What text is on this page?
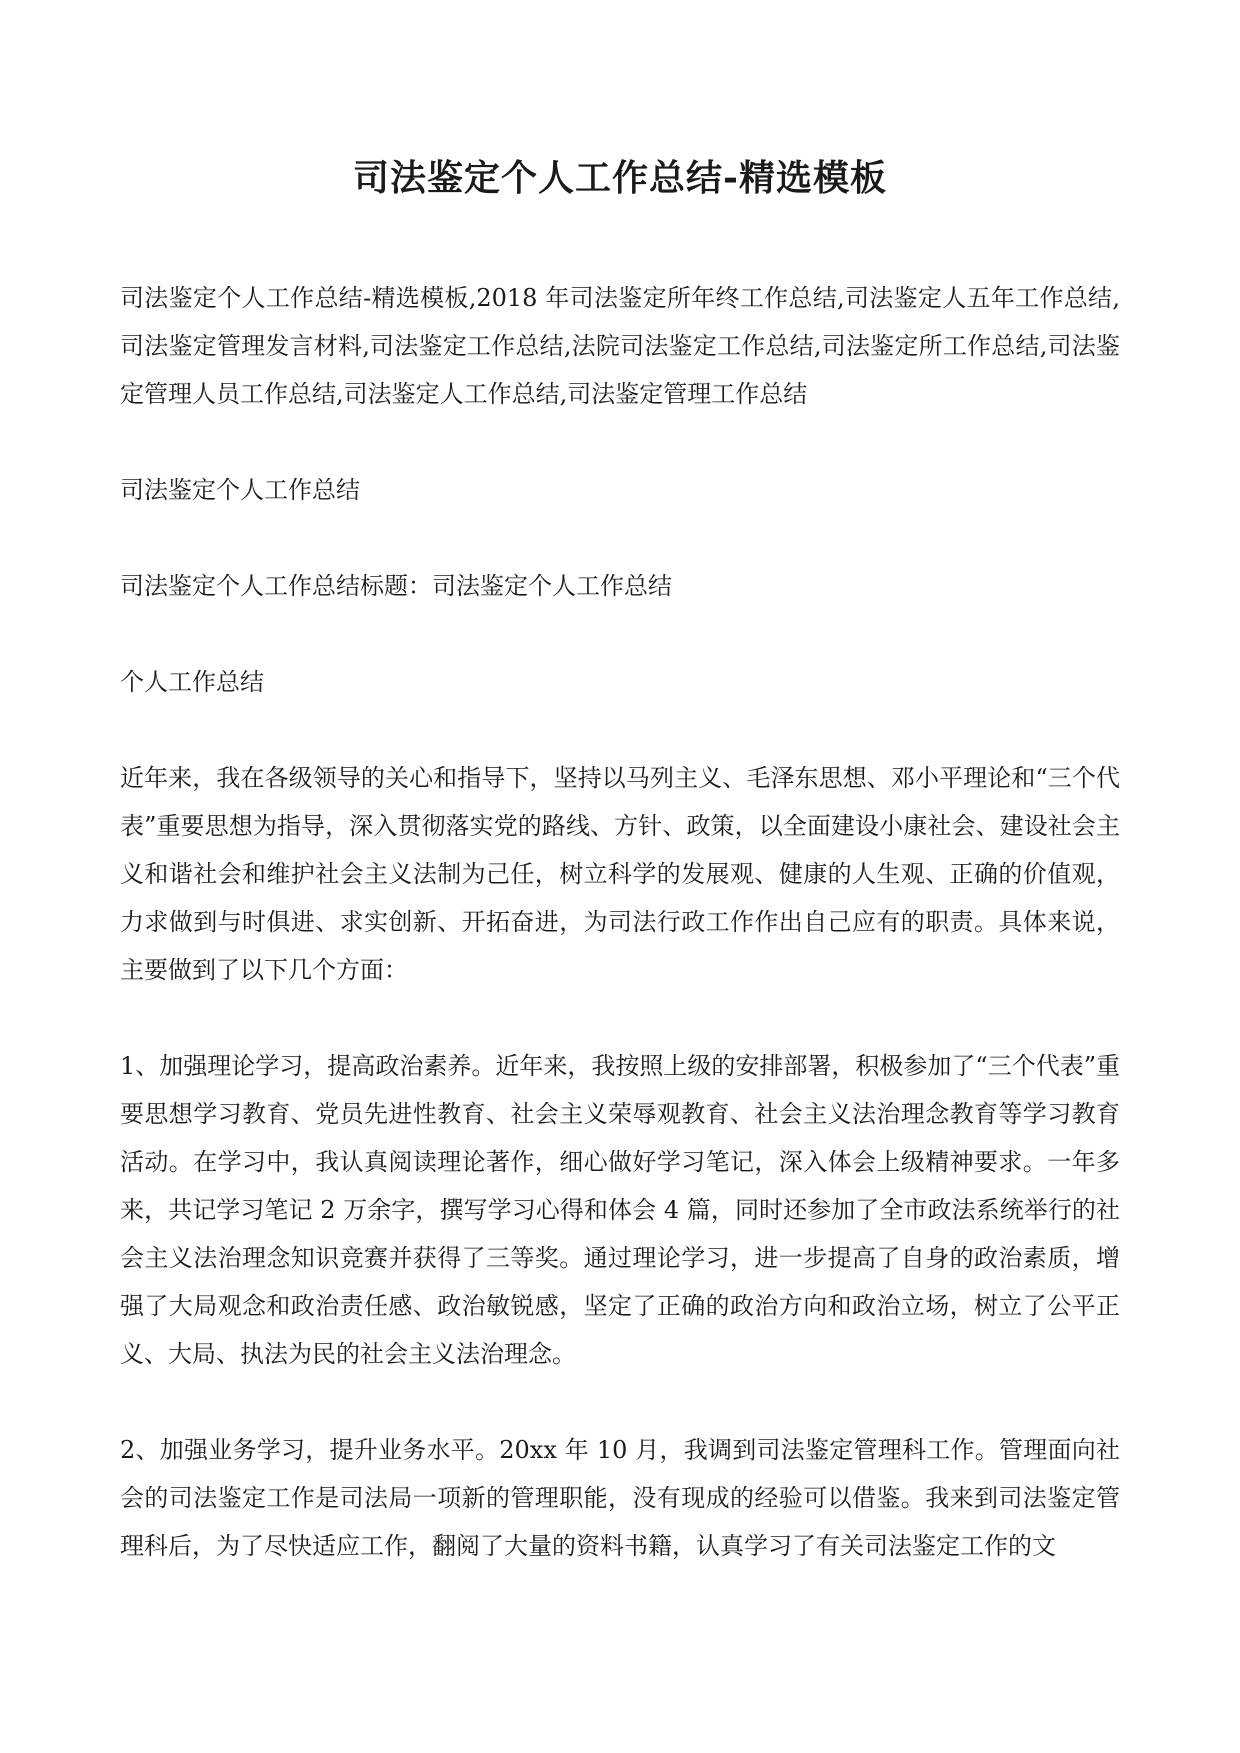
司法鉴定个人工作总结-精选模板

司法鉴定个人工作总结-精选模板,2018 年司法鉴定所年终工作总结,司法鉴定人五年工作总结,司法鉴定管理发言材料,司法鉴定工作总结,法院司法鉴定工作总结,司法鉴定所工作总结,司法鉴定管理人员工作总结,司法鉴定人工作总结,司法鉴定管理工作总结

司法鉴定个人工作总结

司法鉴定个人工作总结标题：司法鉴定个人工作总结

个人工作总结

近年来，我在各级领导的关心和指导下，坚持以马列主义、毛泽东思想、邓小平理论和“三个代表”重要思想为指导，深入贯彻落实党的路线、方针、政策，以全面建设小康社会、建设社会主义和谐社会和维护社会主义法制为己任，树立科学的发展观、健康的人生观、正确的价值观，力求做到与时俱进、求实创新、开拓奋进，为司法行政工作作出自己应有的职责。具体来说，主要做到了以下几个方面：

1、加强理论学习，提高政治素养。近年来，我按照上级的安排部署，积极参加了“三个代表”重要思想学习教育、党员先进性教育、社会主义荣辱观教育、社会主义法治理念教育等学习教育活动。在学习中，我认真阅读理论著作，细心做好学习笔记，深入体会上级精神要求。一年多来，共记学习笔记 2 万余字，撰写学习心得和体会 4 篇，同时还参加了全市政法系统举行的社会主义法治理念知识竞赛并获得了三等奖。通过理论学习，进一步提高了自身的政治素质，增强了大局观念和政治责任感、政治敏锐感，坚定了正确的政治方向和政治立场，树立了公平正义、大局、执法为民的社会主义法治理念。

2、加强业务学习，提升业务水平。20xx 年 10 月，我调到司法鉴定管理科工作。管理面向社会的司法鉴定工作是司法局一项新的管理职能，没有现成的经验可以借鉴。我来到司法鉴定管理科后，为了尽快适应工作，翻阅了大量的资料书籍，认真学习了有关司法鉴定工作的文
